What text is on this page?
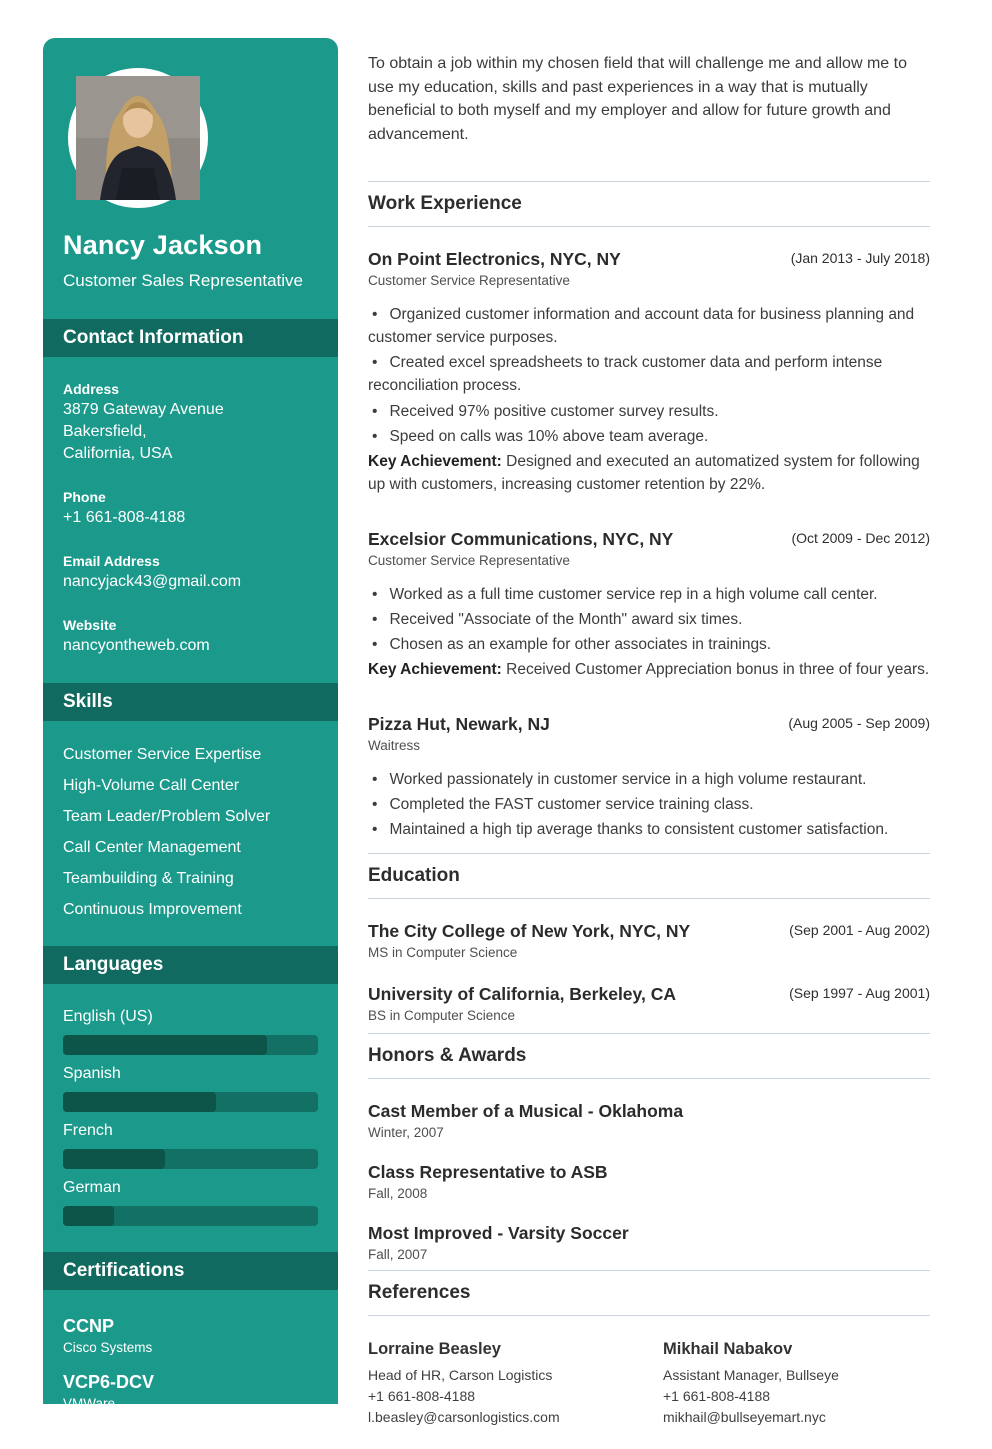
Nancy Jackson
Customer Sales Representative
Contact Information
Address
3879 Gateway Avenue
Bakersfield,
California, USA
Phone
+1 661-808-4188
Email Address
nancyjack43@gmail.com
Website
nancyontheweb.com
Skills
Customer Service Expertise
High-Volume Call Center
Team Leader/Problem Solver
Call Center Management
Teambuilding & Training
Continuous Improvement
Languages
English (US)
Spanish
French
German
Certifications
CCNP
Cisco Systems
VCP6-DCV
VMWare
DCUCI Exam

To obtain a job within my chosen field that will challenge me and allow me to use my education, skills and past experiences in a way that is mutually beneficial to both myself and my employer and allow for future growth and advancement.

Work Experience
On Point Electronics, NYC, NY	(Jan 2013 - July 2018)
Customer Service Representative

• Organized customer information and account data for business planning and customer service purposes.

• Created excel spreadsheets to track customer data and perform intense reconciliation process.

• Received 97% positive customer survey results.

• Speed on calls was 10% above team average.

Key Achievement: Designed and executed an automatized system for following up with customers, increasing customer retention by 22%.

Excelsior Communications, NYC, NY	(Oct 2009 - Dec 2012)
Customer Service Representative

• Worked as a full time customer service rep in a high volume call center.

• Received "Associate of the Month" award six times.

• Chosen as an example for other associates in trainings.

Key Achievement: Received Customer Appreciation bonus in three of four years.

Pizza Hut, Newark, NJ	(Aug 2005 - Sep 2009)
Waitress

• Worked passionately in customer service in a high volume restaurant.

• Completed the FAST customer service training class.

• Maintained a high tip average thanks to consistent customer satisfaction.

Education
The City College of New York, NYC, NY	(Sep 2001 - Aug 2002)
MS in Computer Science
University of California, Berkeley, CA	(Sep 1997 - Aug 2001)
BS in Computer Science
Honors & Awards
Cast Member of a Musical - Oklahoma
Winter, 2007
Class Representative to ASB
Fall, 2008
Most Improved - Varsity Soccer
Fall, 2007
References
Lorraine Beasley
Head of HR, Carson Logistics
+1 661-808-4188
l.beasley@carsonlogistics.com
Mikhail Nabakov
Assistant Manager, Bullseye
+1 661-808-4188
mikhail@bullseyemart.nyc
